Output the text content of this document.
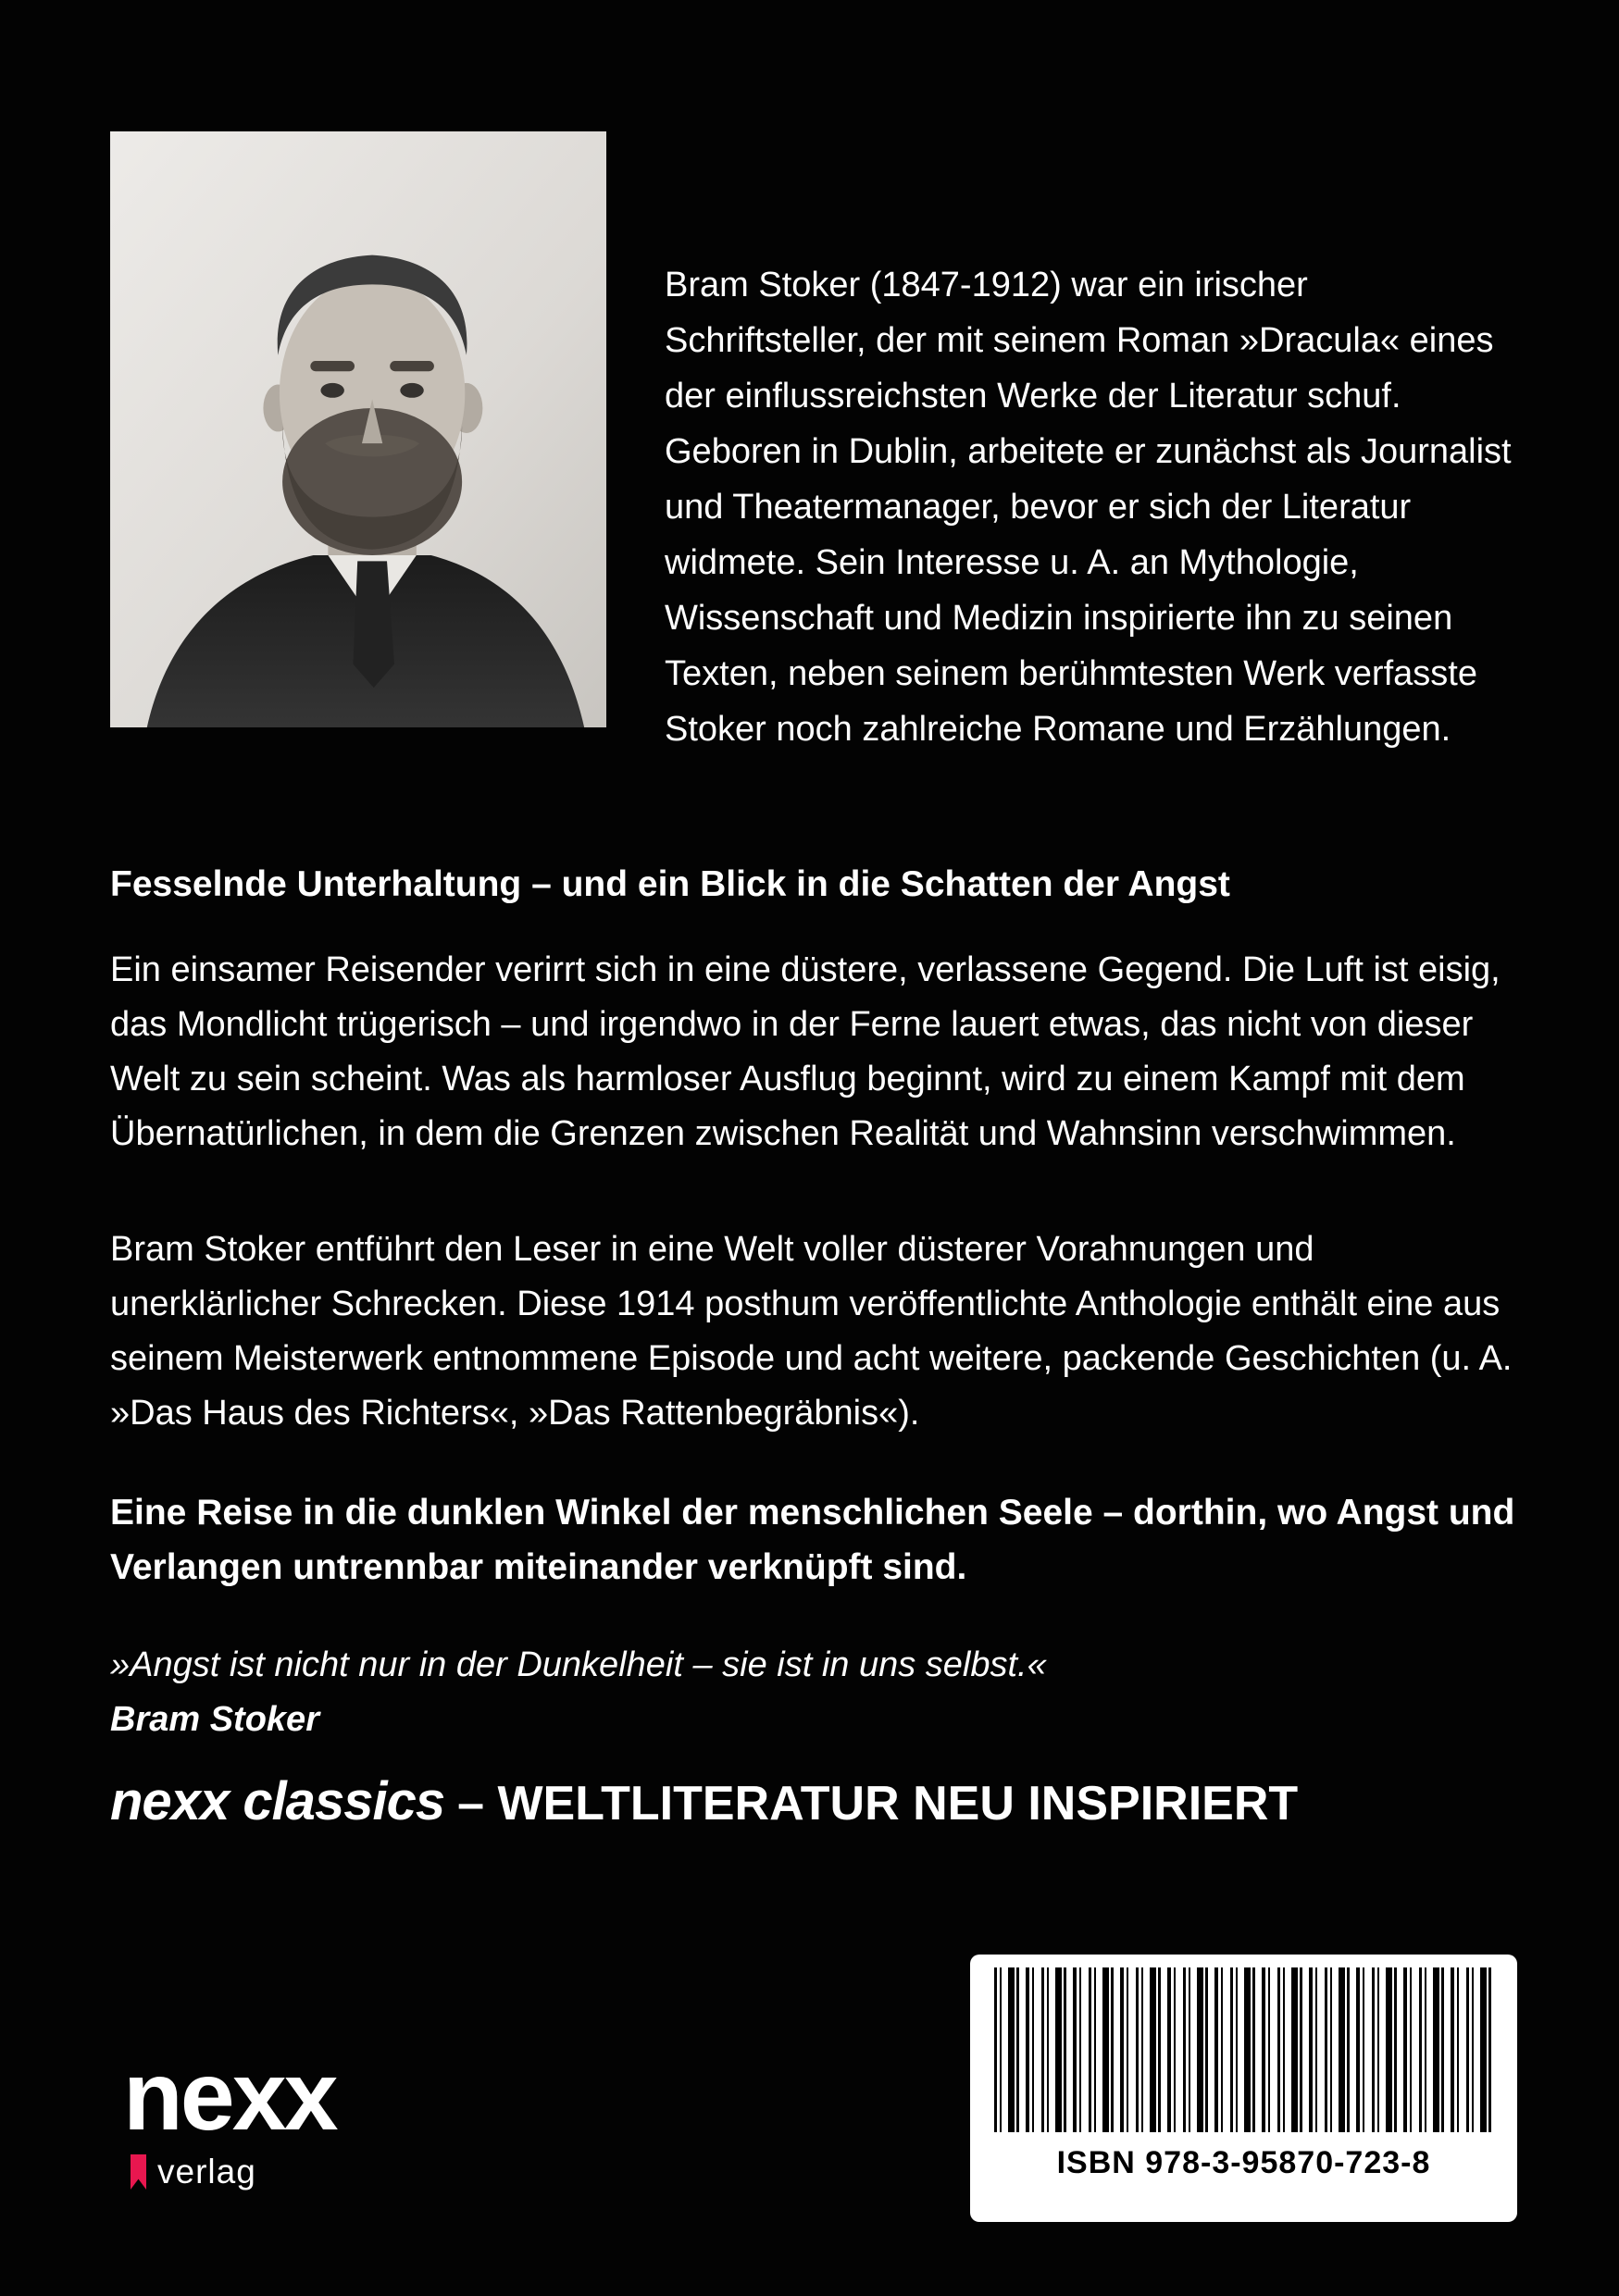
Bram Stoker (1847-1912) war ein irischer Schriftsteller, der mit seinem Roman »Dracula« eines der einflussreichsten Werke der Literatur schuf. Geboren in Dublin, arbeitete er zunächst als Journalist und Theatermanager, bevor er sich der Literatur widmete. Sein Interesse u. A. an Mythologie, Wissenschaft und Medizin inspirierte ihn zu seinen Texten, neben seinem berühmtesten Werk verfasste Stoker noch zahlreiche Romane und Erzählungen.

Fesselnde Unterhaltung – und ein Blick in die Schatten der Angst

Ein einsamer Reisender verirrt sich in eine düstere, verlassene Gegend. Die Luft ist eisig, das Mondlicht trügerisch – und irgendwo in der Ferne lauert etwas, das nicht von dieser Welt zu sein scheint. Was als harmloser Ausflug beginnt, wird zu einem Kampf mit dem Übernatürlichen, in dem die Grenzen zwischen Realität und Wahnsinn verschwimmen.

Bram Stoker entführt den Leser in eine Welt voller düsterer Vorahnungen und unerklärlicher Schrecken. Diese 1914 posthum veröffentlichte Anthologie enthält eine aus seinem Meisterwerk entnommene Episode und acht weitere, packende Geschichten (u. A. »Das Haus des Richters«, »Das Rattenbegräbnis«).

Eine Reise in die dunklen Winkel der menschlichen Seele – dorthin, wo Angst und Verlangen untrennbar miteinander verknüpft sind.

»Angst ist nicht nur in der Dunkelheit – sie ist in uns selbst.«

Bram Stoker

nexx classics – WELTLITERATUR NEU INSPIRIERT
ISBN 978-3-95870-723-8
nexx
verlag
